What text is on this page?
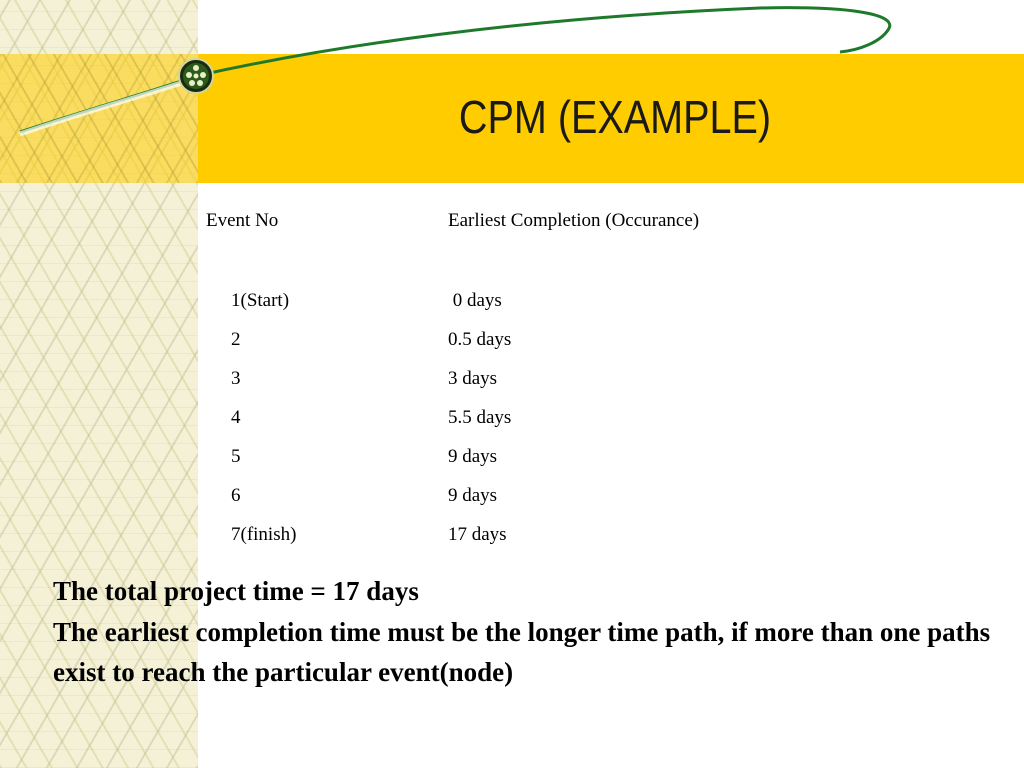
CPM (EXAMPLE)
Event No	Earliest Completion (Occurance)
1(Start)	0 days
2	0.5 days
3	3 days
4	5.5 days
5	9 days
6	9 days
7(finish)	17 days
The total project time = 17 days
The earliest completion time must be the longer time path, if more than one paths exist to reach the particular event(node)
